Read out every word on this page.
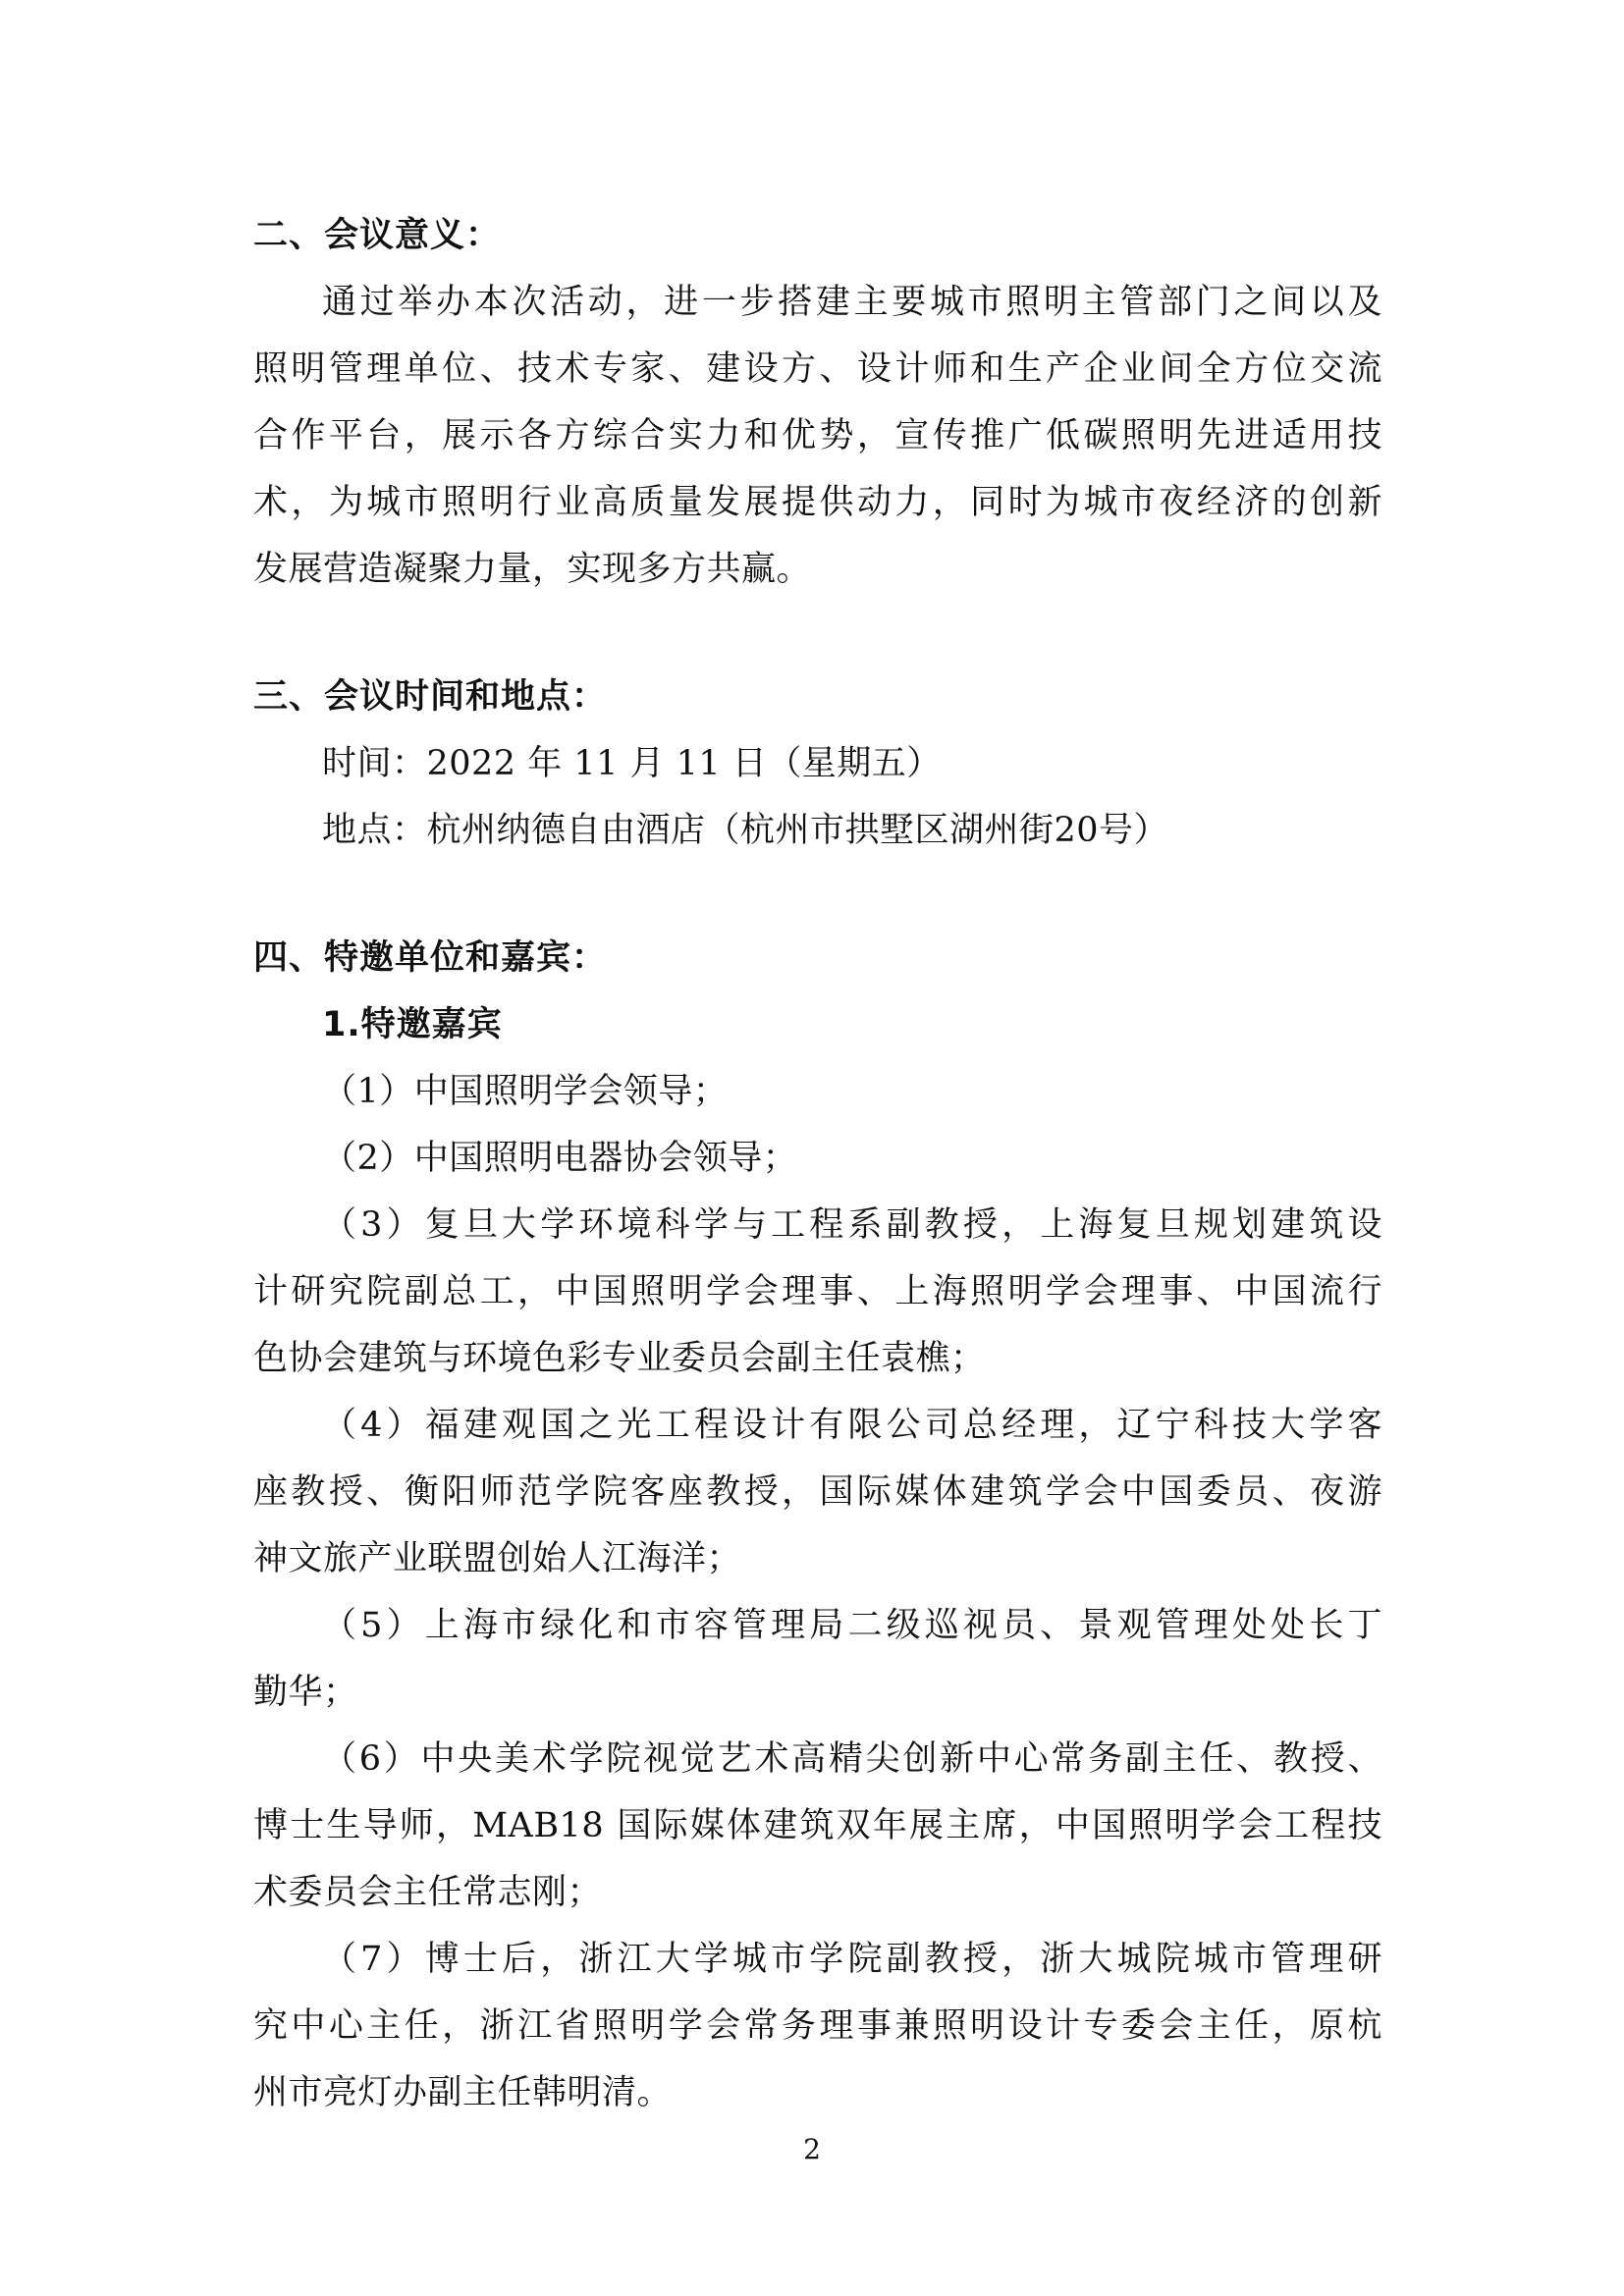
二、会议意义：
通过举办本次活动，进一步搭建主要城市照明主管部门之间以及
照明管理单位、技术专家、建设方、设计师和生产企业间全方位交流
合作平台，展示各方综合实力和优势，宣传推广低碳照明先进适用技
术，为城市照明行业高质量发展提供动力，同时为城市夜经济的创新
发展营造凝聚力量，实现多方共赢。
三、会议时间和地点：
时间：2022 年 11 月 11 日（星期五）
地点：杭州纳德自由酒店（杭州市拱墅区湖州街20号）
四、特邀单位和嘉宾：
1.特邀嘉宾
（1）中国照明学会领导；
（2）中国照明电器协会领导；
（3）复旦大学环境科学与工程系副教授，上海复旦规划建筑设
计研究院副总工，中国照明学会理事、上海照明学会理事、中国流行
色协会建筑与环境色彩专业委员会副主任袁樵；
（4）福建观国之光工程设计有限公司总经理，辽宁科技大学客
座教授、衡阳师范学院客座教授，国际媒体建筑学会中国委员、夜游
神文旅产业联盟创始人江海洋；
（5）上海市绿化和市容管理局二级巡视员、景观管理处处长丁
勤华；
（6）中央美术学院视觉艺术高精尖创新中心常务副主任、教授、
博士生导师，MAB18 国际媒体建筑双年展主席，中国照明学会工程技
术委员会主任常志刚；
（7）博士后，浙江大学城市学院副教授，浙大城院城市管理研
究中心主任，浙江省照明学会常务理事兼照明设计专委会主任，原杭
州市亮灯办副主任韩明清。
2
